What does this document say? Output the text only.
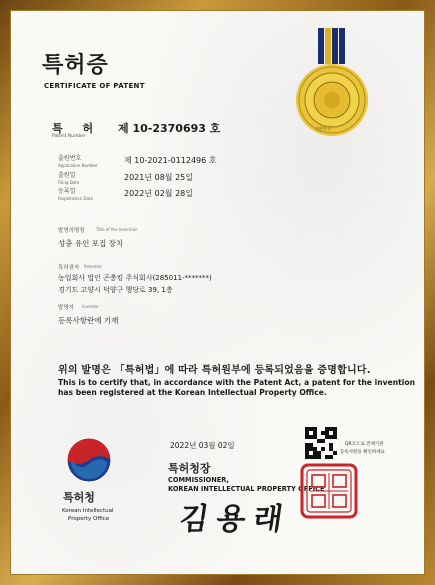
대한민국
특허증
CERTIFICATE OF PATENT
특 허
Patent Number
제 10-2370693 호
출원번호
Application Number
제 10-2021-0112496 호
출원일
Filing Date
2021년 08월 25일
등록일
Registration Date
2022년 02월 28일
발명의명칭	Title of the Invention
성충 유인 포집 장치
특허권자 Patentee
농업회사 법인 곤충킹 주식회사(285011-*******)
경기도 고양시 덕양구 행당로 39, 1층
발명자 Inventor
등록사항란에 기재
위의 발명은 「특허법」에 따라 특허원부에 등록되었음을 증명합니다.
This is to certify that, in accordance with the Patent Act, a patent for the invention
has been registered at the Korean Intellectual Property Office.
특허청
Korean Intellectual
Property Office
2022년 03월 02일
특허청장
COMMISSIONER,
KOREAN INTELLECTUAL PROPERTY OFFICE
김용래
QR코드로 전체기관
등록사항을 확인하세요
